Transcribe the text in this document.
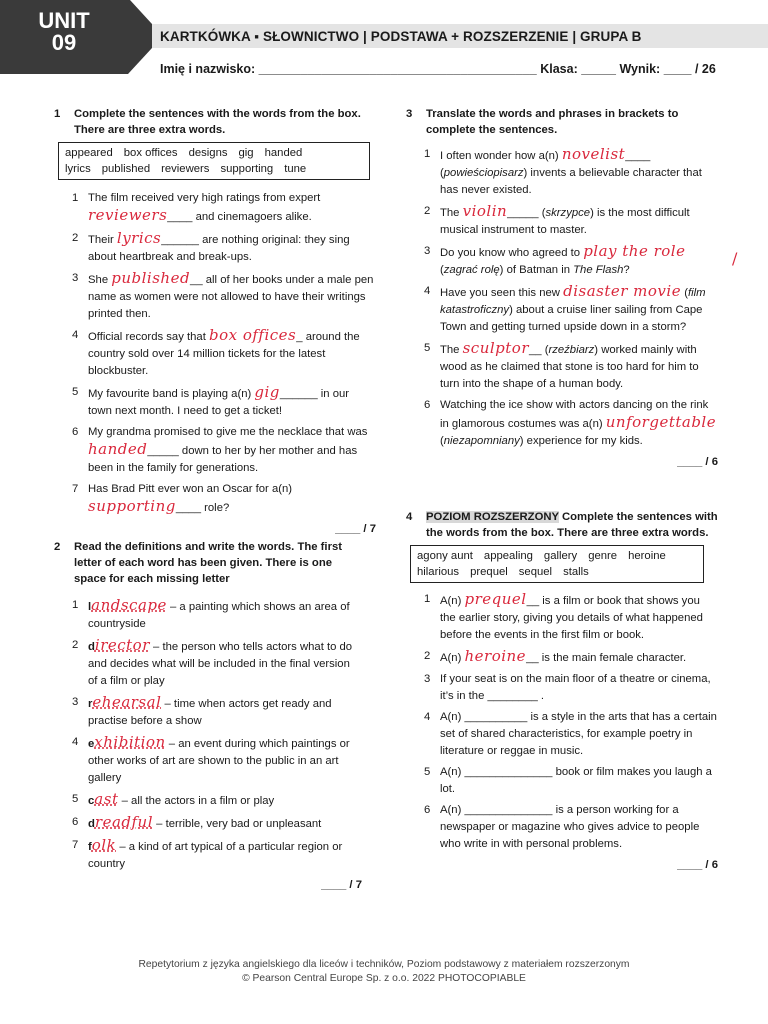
UNIT
09	KARTKÓWKA ▪ SŁOWNICTWO | PODSTAWA + ROZSZERZENIE | GRUPA B
Imię i nazwisko: ________________________________________ Klasa: _____ Wynik: ____ / 26
1 Complete the sentences with the words from the box. There are three extra words.
appeared box offices designs gig handed
lyrics published reviewers supporting tune
1 The film received very high ratings from expert reviewers____ and cinemagoers alike.
2 Their lyrics______ are nothing original: they sing about heartbreak and break-ups.
3 She published__ all of her books under a male pen name as women were not allowed to have their writings printed then.
4 Official records say that box offices_ around the country sold over 14 million tickets for the latest blockbuster.
5 My favourite band is playing a(n) gig______ in our town next month. I need to get a ticket!
6 My grandma promised to give me the necklace that was handed_____ down to her by her mother and has been in the family for generations.
7 Has Brad Pitt ever won an Oscar for a(n) supporting____ role?
____ / 7
2 Read the definitions and write the words. The first letter of each word has been given. There is one space for each missing letter
1 landscape – a painting which shows an area of countryside
2 director – the person who tells actors what to do and decides what will be included in the final version of a film or play
3 rehearsal – time when actors get ready and practise before a show
4 exhibition – an event during which paintings or other works of art are shown to the public in an art gallery
5 cast – all the actors in a film or play
6 dreadful – terrible, very bad or unpleasant
7 folk – a kind of art typical of a particular region or country
____ / 7
3 Translate the words and phrases in brackets to complete the sentences.
1 I often wonder how a(n) novelist____ (powieściopisarz) invents a believable character that has never existed.
2 The violin_____ (skrzypce) is the most difficult musical instrument to master.
3 Do you know who agreed to play the role (zagrać rolę) of Batman in The Flash?
4 Have you seen this new disaster movie (film katastroficzny) about a cruise liner sailing from Cape Town and getting turned upside down in a storm?
5 The sculptor__ (rzeźbiarz) worked mainly with wood as he claimed that stone is too hard for him to turn into the shape of a human body.
6 Watching the ice show with actors dancing on the rink in glamorous costumes was a(n) unforgettable (niezapomniany) experience for my kids.
____ / 6
/
4 POZIOM ROZSZERZONY Complete the sentences with the words from the box. There are three extra words.
agony aunt appealing gallery genre heroine
hilarious prequel sequel stalls
1 A(n) prequel__ is a film or book that shows you the earlier story, giving you details of what happened before the events in the first film or book.
2 A(n) heroine__ is the main female character.
3 If your seat is on the main floor of a theatre or cinema, it’s in the ________ .
4 A(n) __________ is a style in the arts that has a certain set of shared characteristics, for example poetry in literature or reggae in music.
5 A(n) ______________ book or film makes you laugh a lot.
6 A(n) ______________ is a person working for a newspaper or magazine who gives advice to people who write in with personal problems.
____ / 6
Repetytorium z języka angielskiego dla liceów i techników, Poziom podstawowy z materiałem rozszerzonym
© Pearson Central Europe Sp. z o.o. 2022 PHOTOCOPIABLE
